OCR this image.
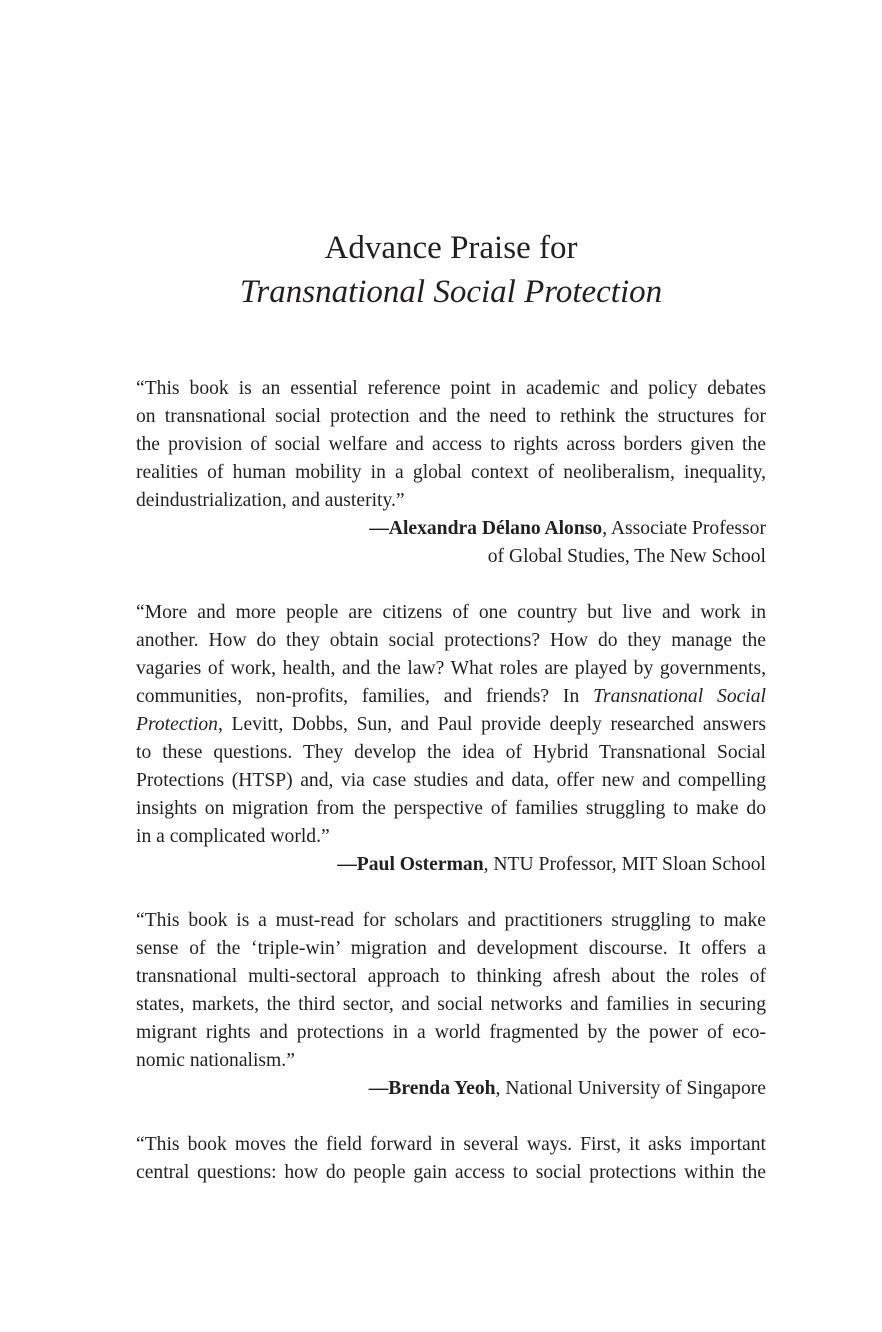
Advance Praise for
Transnational Social Protection
“This book is an essential reference point in academic and policy debates
on transnational social protection and the need to rethink the structures for
the provision of social welfare and access to rights across borders given the
realities of human mobility in a global context of neoliberalism, inequality,
deindustrialization, and austerity.”
—Alexandra Délano Alonso, Associate Professor
of Global Studies, The New School
“More and more people are citizens of one country but live and work in
another. How do they obtain social protections? How do they manage the
vagaries of work, health, and the law? What roles are played by governments,
communities, non-profits, families, and friends? In Transnational Social
Protection, Levitt, Dobbs, Sun, and Paul provide deeply researched answers
to these questions. They develop the idea of Hybrid Transnational Social
Protections (HTSP) and, via case studies and data, offer new and compelling
insights on migration from the perspective of families struggling to make do
in a complicated world.”
—Paul Osterman, NTU Professor, MIT Sloan School
“This book is a must-read for scholars and practitioners struggling to make
sense of the ‘triple-win’ migration and development discourse. It offers a
transnational multi-sectoral approach to thinking afresh about the roles of
states, markets, the third sector, and social networks and families in securing
migrant rights and protections in a world fragmented by the power of eco-
nomic nationalism.”
—Brenda Yeoh, National University of Singapore
“This book moves the field forward in several ways. First, it asks important
central questions: how do people gain access to social protections within the
